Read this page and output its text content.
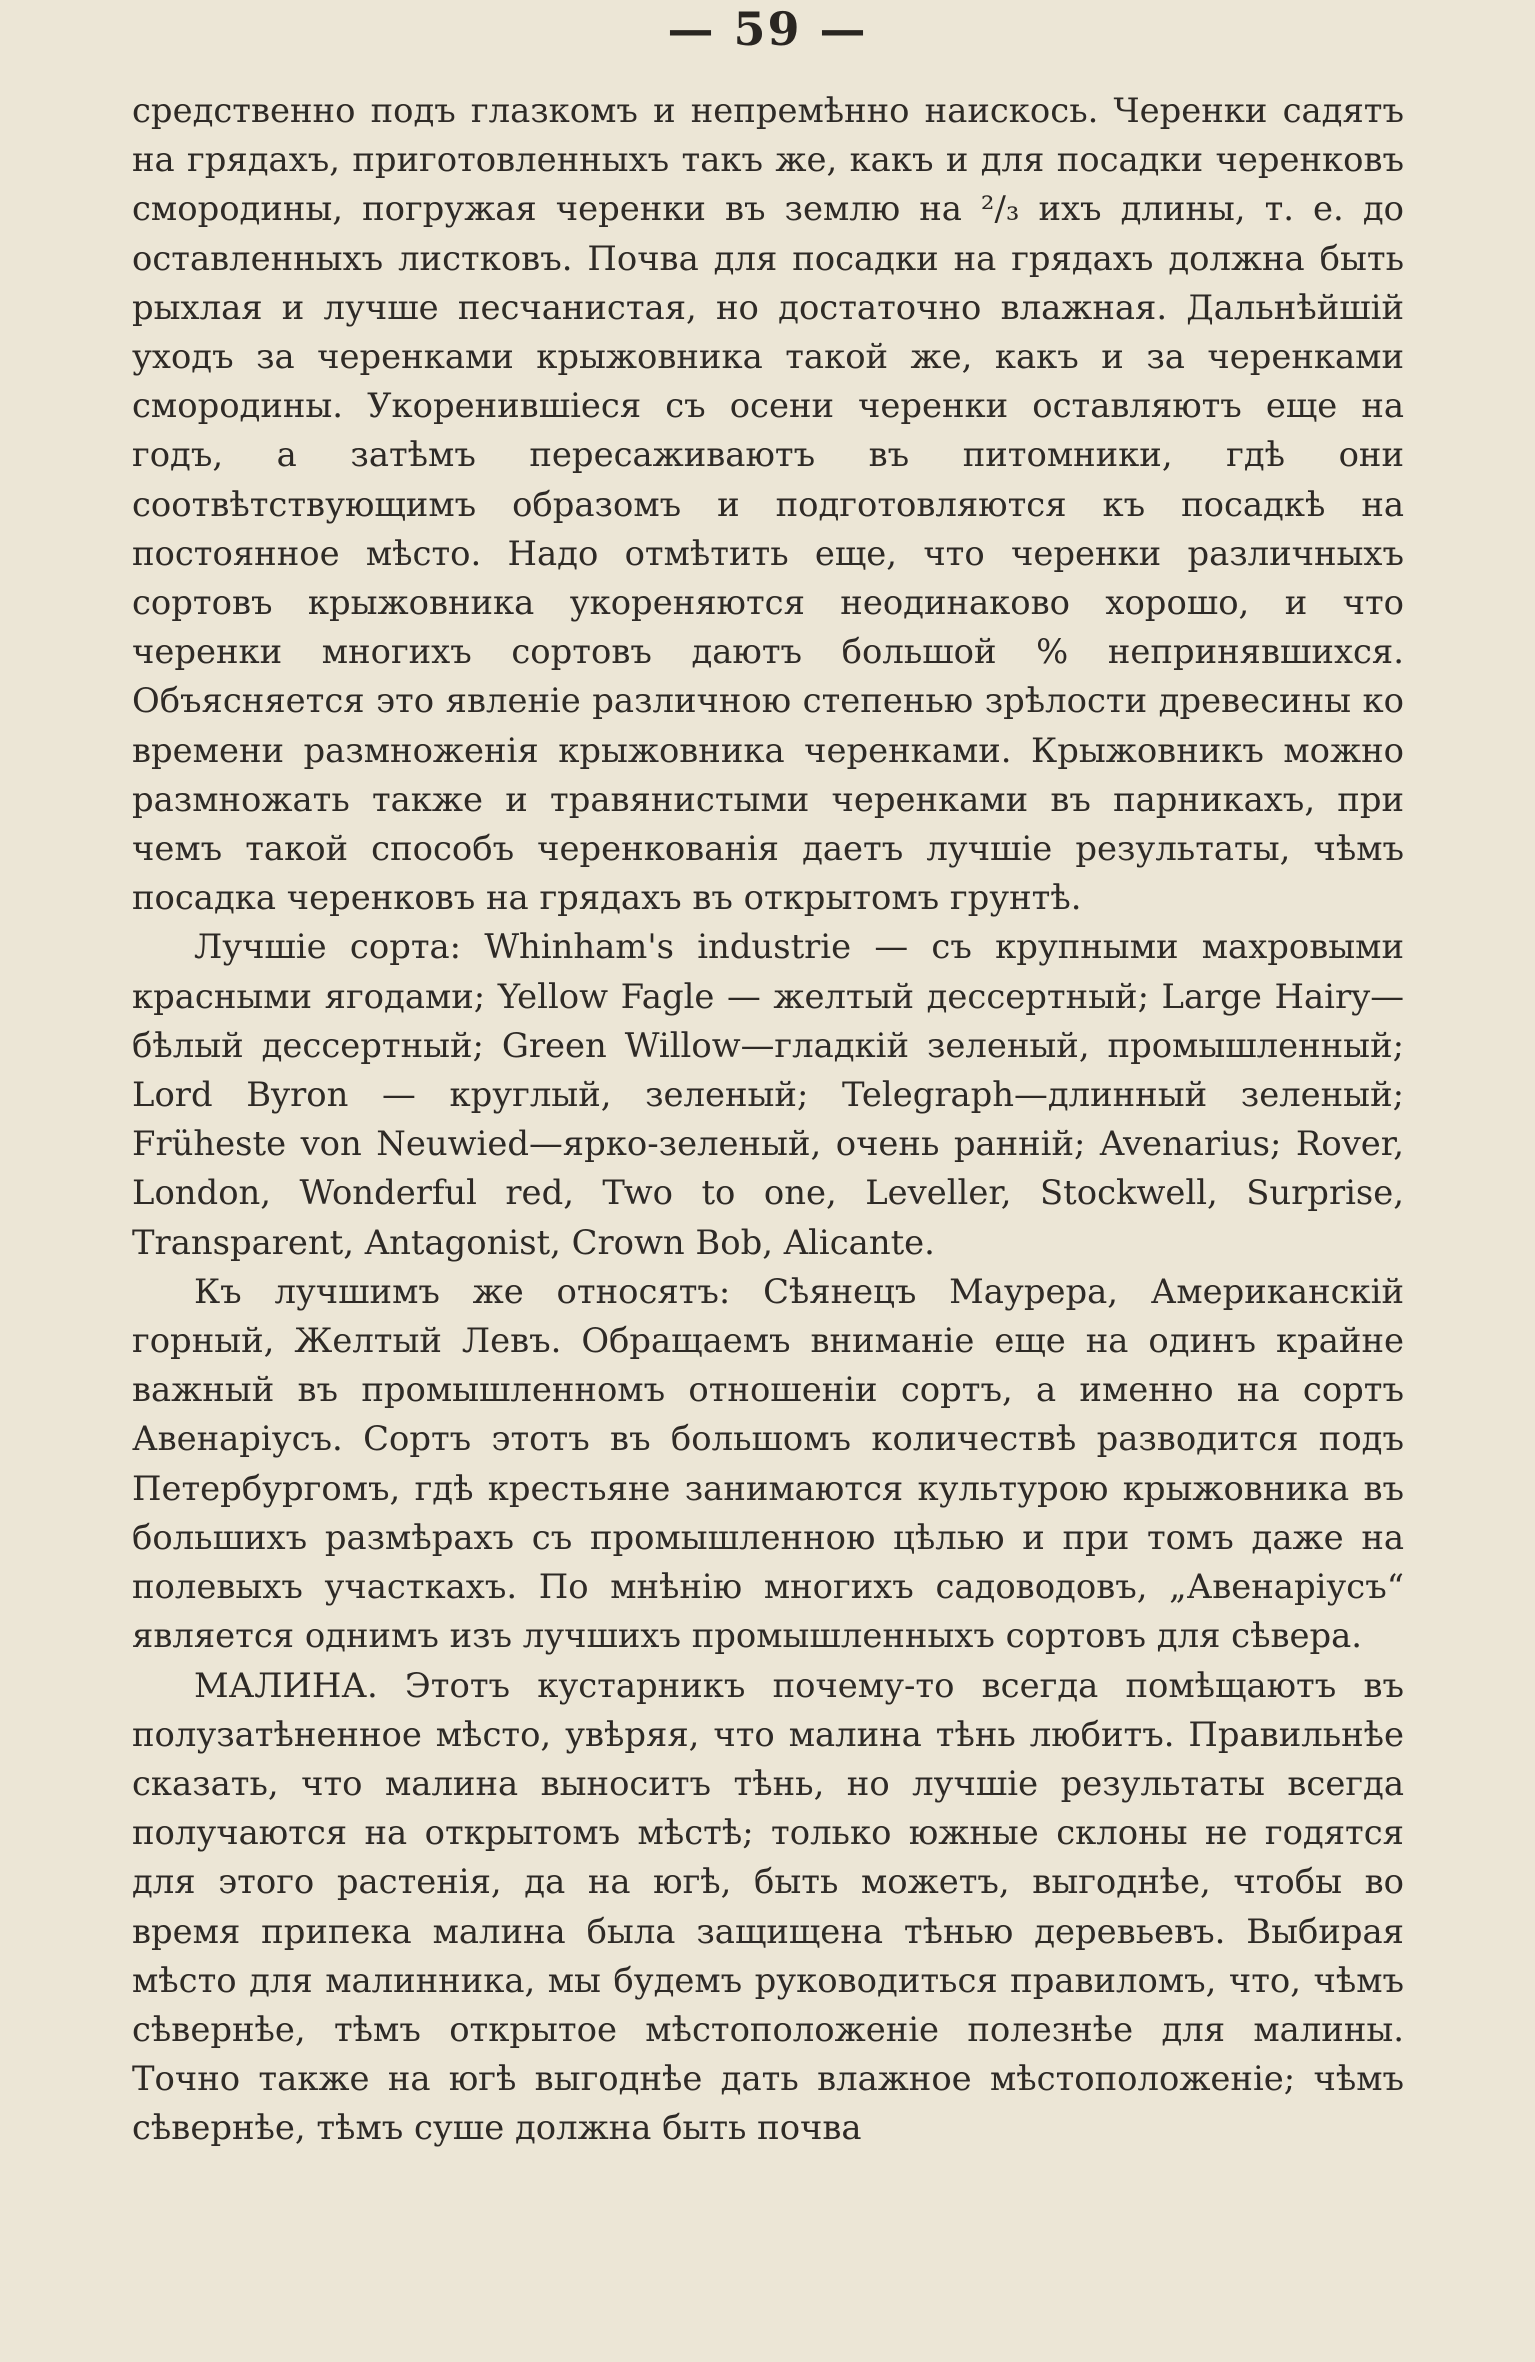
— 59 —

средственно подъ глазкомъ и непремѣнно наискось. Черенки садятъ на грядахъ, приготовленныхъ такъ же, какъ и для посадки черенковъ смородины, погружая черенки въ землю на ²/₃ ихъ длины, т. е. до оставленныхъ листковъ. Почва для посадки на грядахъ должна быть рыхлая и лучше песчанистая, но достаточно влажная. Дальнѣйшій уходъ за черенками крыжовника такой же, какъ и за черенками смородины. Укоренившіеся съ осени черенки оставляютъ еще на годъ, а затѣмъ пересаживаютъ въ питомники, гдѣ они соотвѣтствующимъ образомъ и подготовляются къ посадкѣ на постоянное мѣсто. Надо отмѣтить еще, что черенки различныхъ сортовъ крыжовника укореняются неодинаково хорошо, и что черенки многихъ сортовъ даютъ большой % непринявшихся. Объясняется это явленіе различною степенью зрѣлости древесины ко времени размноженія крыжовника черенками. Крыжовникъ можно размножать также и травянистыми черенками въ парникахъ, при чемъ такой способъ черенкованія даетъ лучшіе результаты, чѣмъ посадка черенковъ на грядахъ въ открытомъ грунтѣ.

Лучшіе сорта: Whinham's industrie — съ крупными махровыми красными ягодами; Yellow Fagle — желтый дессертный; Large Hairy—бѣлый дессертный; Green Willow—гладкій зеленый, промышленный; Lord Byron — круглый, зеленый; Telegraph—длинный зеленый; Früheste von Neuwied—ярко-зеленый, очень ранній; Avenarius; Rover, London, Wonderful red, Two to one, Leveller, Stockwell, Surprise, Transparent, Antagonist, Crown Bob, Alicante.

Къ лучшимъ же относятъ: Сѣянецъ Маурера, Американскій горный, Желтый Левъ. Обращаемъ вниманіе еще на одинъ крайне важный въ промышленномъ отношеніи сортъ, а именно на сортъ Авенаріусъ. Сортъ этотъ въ большомъ количествѣ разводится подъ Петербургомъ, гдѣ крестьяне занимаются культурою крыжовника въ большихъ размѣрахъ съ промышленною цѣлью и при томъ даже на полевыхъ участкахъ. По мнѣнію многихъ садоводовъ, „Авенаріусъ“ является однимъ изъ лучшихъ промышленныхъ сортовъ для сѣвера.

МАЛИНА. Этотъ кустарникъ почему-то всегда помѣщаютъ въ полузатѣненное мѣсто, увѣряя, что малина тѣнь любитъ. Правильнѣе сказать, что малина выноситъ тѣнь, но лучшіе результаты всегда получаются на открытомъ мѣстѣ; только южные склоны не годятся для этого растенія, да на югѣ, быть можетъ, выгоднѣе, чтобы во время припека малина была защищена тѣнью деревьевъ. Выбирая мѣсто для малинника, мы будемъ руководиться правиломъ, что, чѣмъ сѣвернѣе, тѣмъ открытое мѣстоположеніе полезнѣе для малины. Точно также на югѣ выгоднѣе дать влажное мѣстоположеніе; чѣмъ сѣвернѣе, тѣмъ суше должна быть почва
